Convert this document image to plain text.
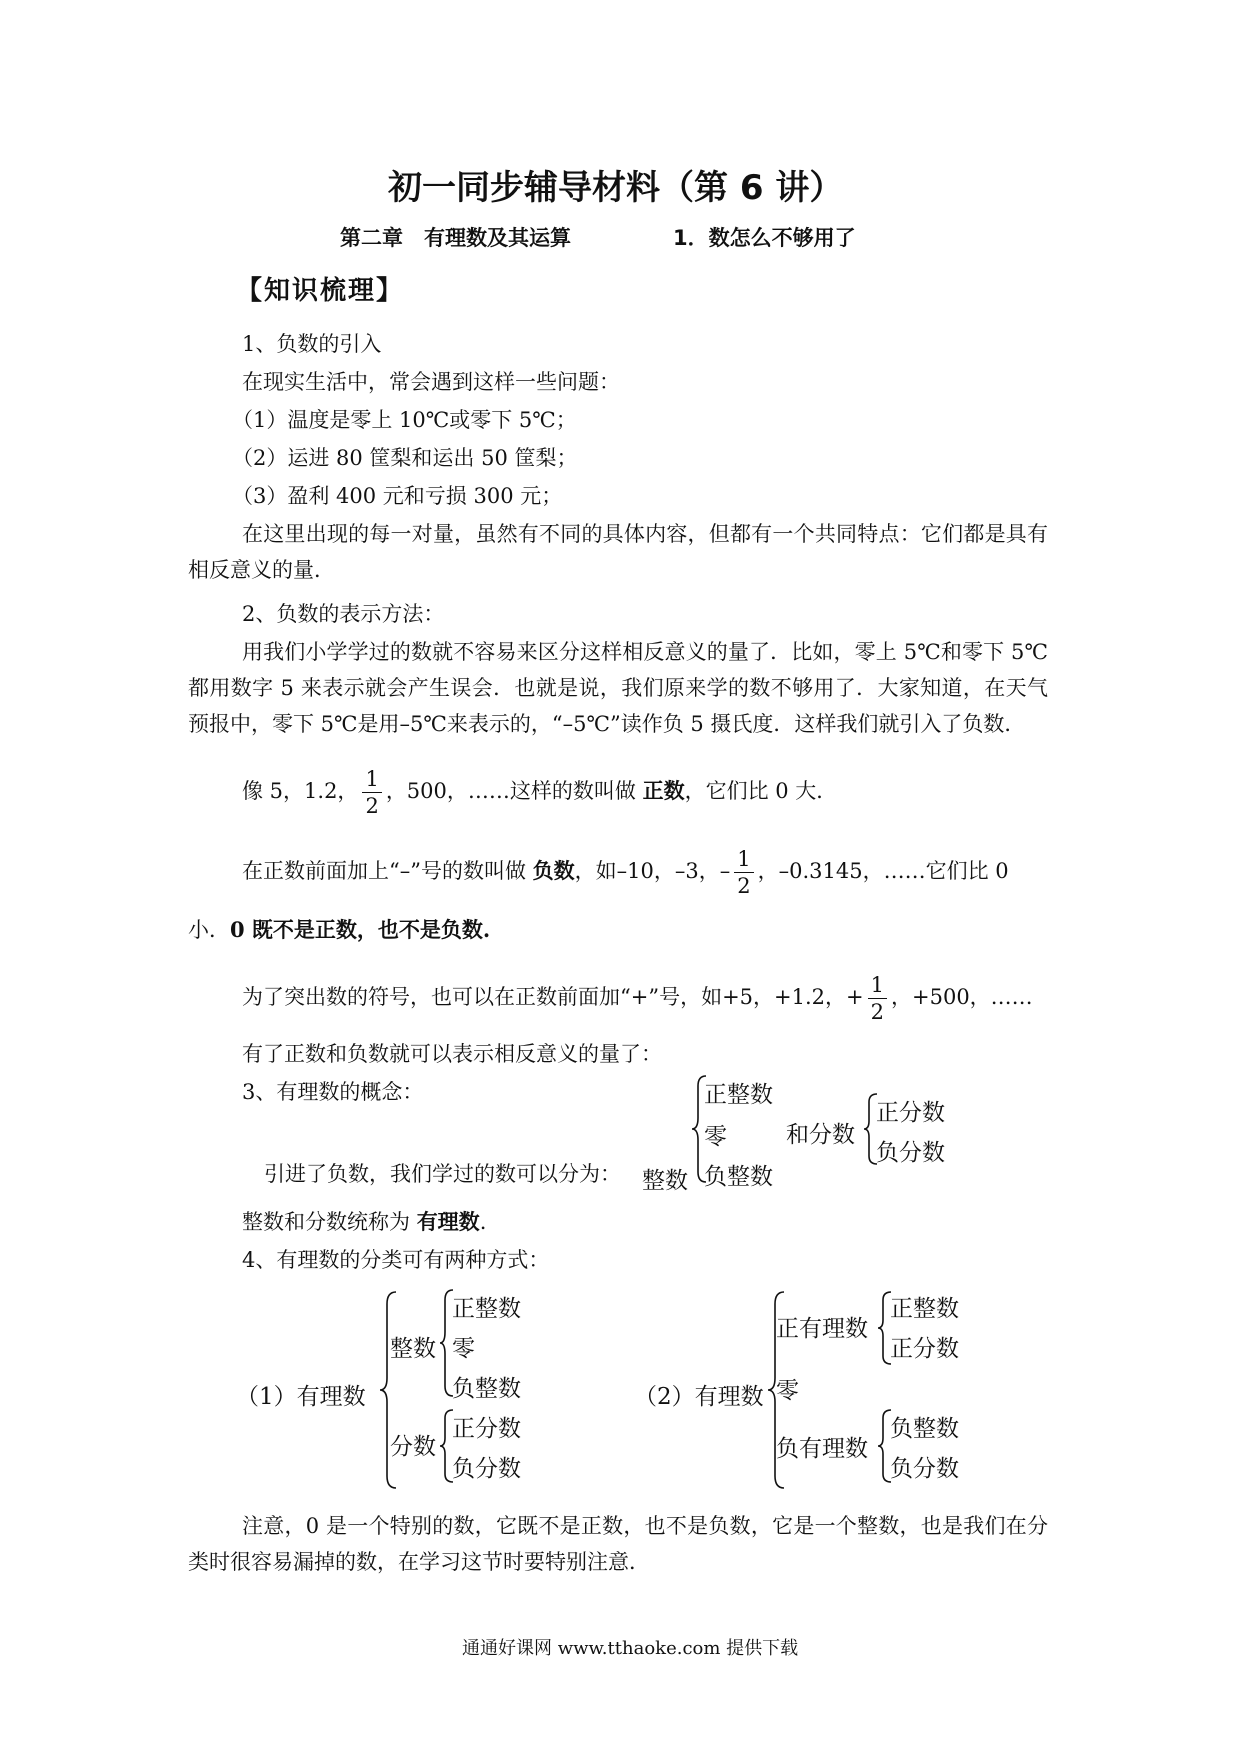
初一同步辅导材料（第 6 讲）
第二章　有理数及其运算	1．数怎么不够用了
【知识梳理】
1、负数的引入
在现实生活中，常会遇到这样一些问题：
（1）温度是零上 10℃或零下 5℃；
（2）运进 80 筐梨和运出 50 筐梨；
（3）盈利 400 元和亏损 300 元；
在这里出现的每一对量，虽然有不同的具体内容，但都有一个共同特点：它们都是具有相反意义的量．
2、负数的表示方法：
用我们小学学过的数就不容易来区分这样相反意义的量了．比如，零上 5℃和零下 5℃都用数字 5 来表示就会产生误会．也就是说，我们原来学的数不够用了．大家知道，在天气预报中，零下 5℃是用–5℃来表示的，“–5℃”读作负 5 摄氏度．这样我们就引入了负数．
像 5，1.2， $\frac{1}{2}$ ，500，……这样的数叫做 正数，它们比 0 大．
在正数前面加上“–”号的数叫做 负数，如–10，–3，– $\frac{1}{2}$ ，–0.3145，……它们比 0
小．0 既不是正数，也不是负数.
为了突出数的符号，也可以在正数前面加“+”号，如+5，+1.2，+ $\frac{1}{2}$ ，+500，……
有了正数和负数就可以表示相反意义的量了：
3、有理数的概念：
引进了负数，我们学过的数可以分为： 整数
正整数
零
负整数
和分数
正分数
负分数
整数和分数统称为 有理数.
4、有理数的分类可有两种方式：
（1）有理数
整数
正整数
零
负整数
分数
正分数
负分数
（2）有理数
正有理数
正整数
正分数
零
负有理数
负整数
负分数
注意，0 是一个特别的数，它既不是正数，也不是负数，它是一个整数，也是我们在分类时很容易漏掉的数，在学习这节时要特别注意．
通通好课网 www.tthaoke.com 提供下载
